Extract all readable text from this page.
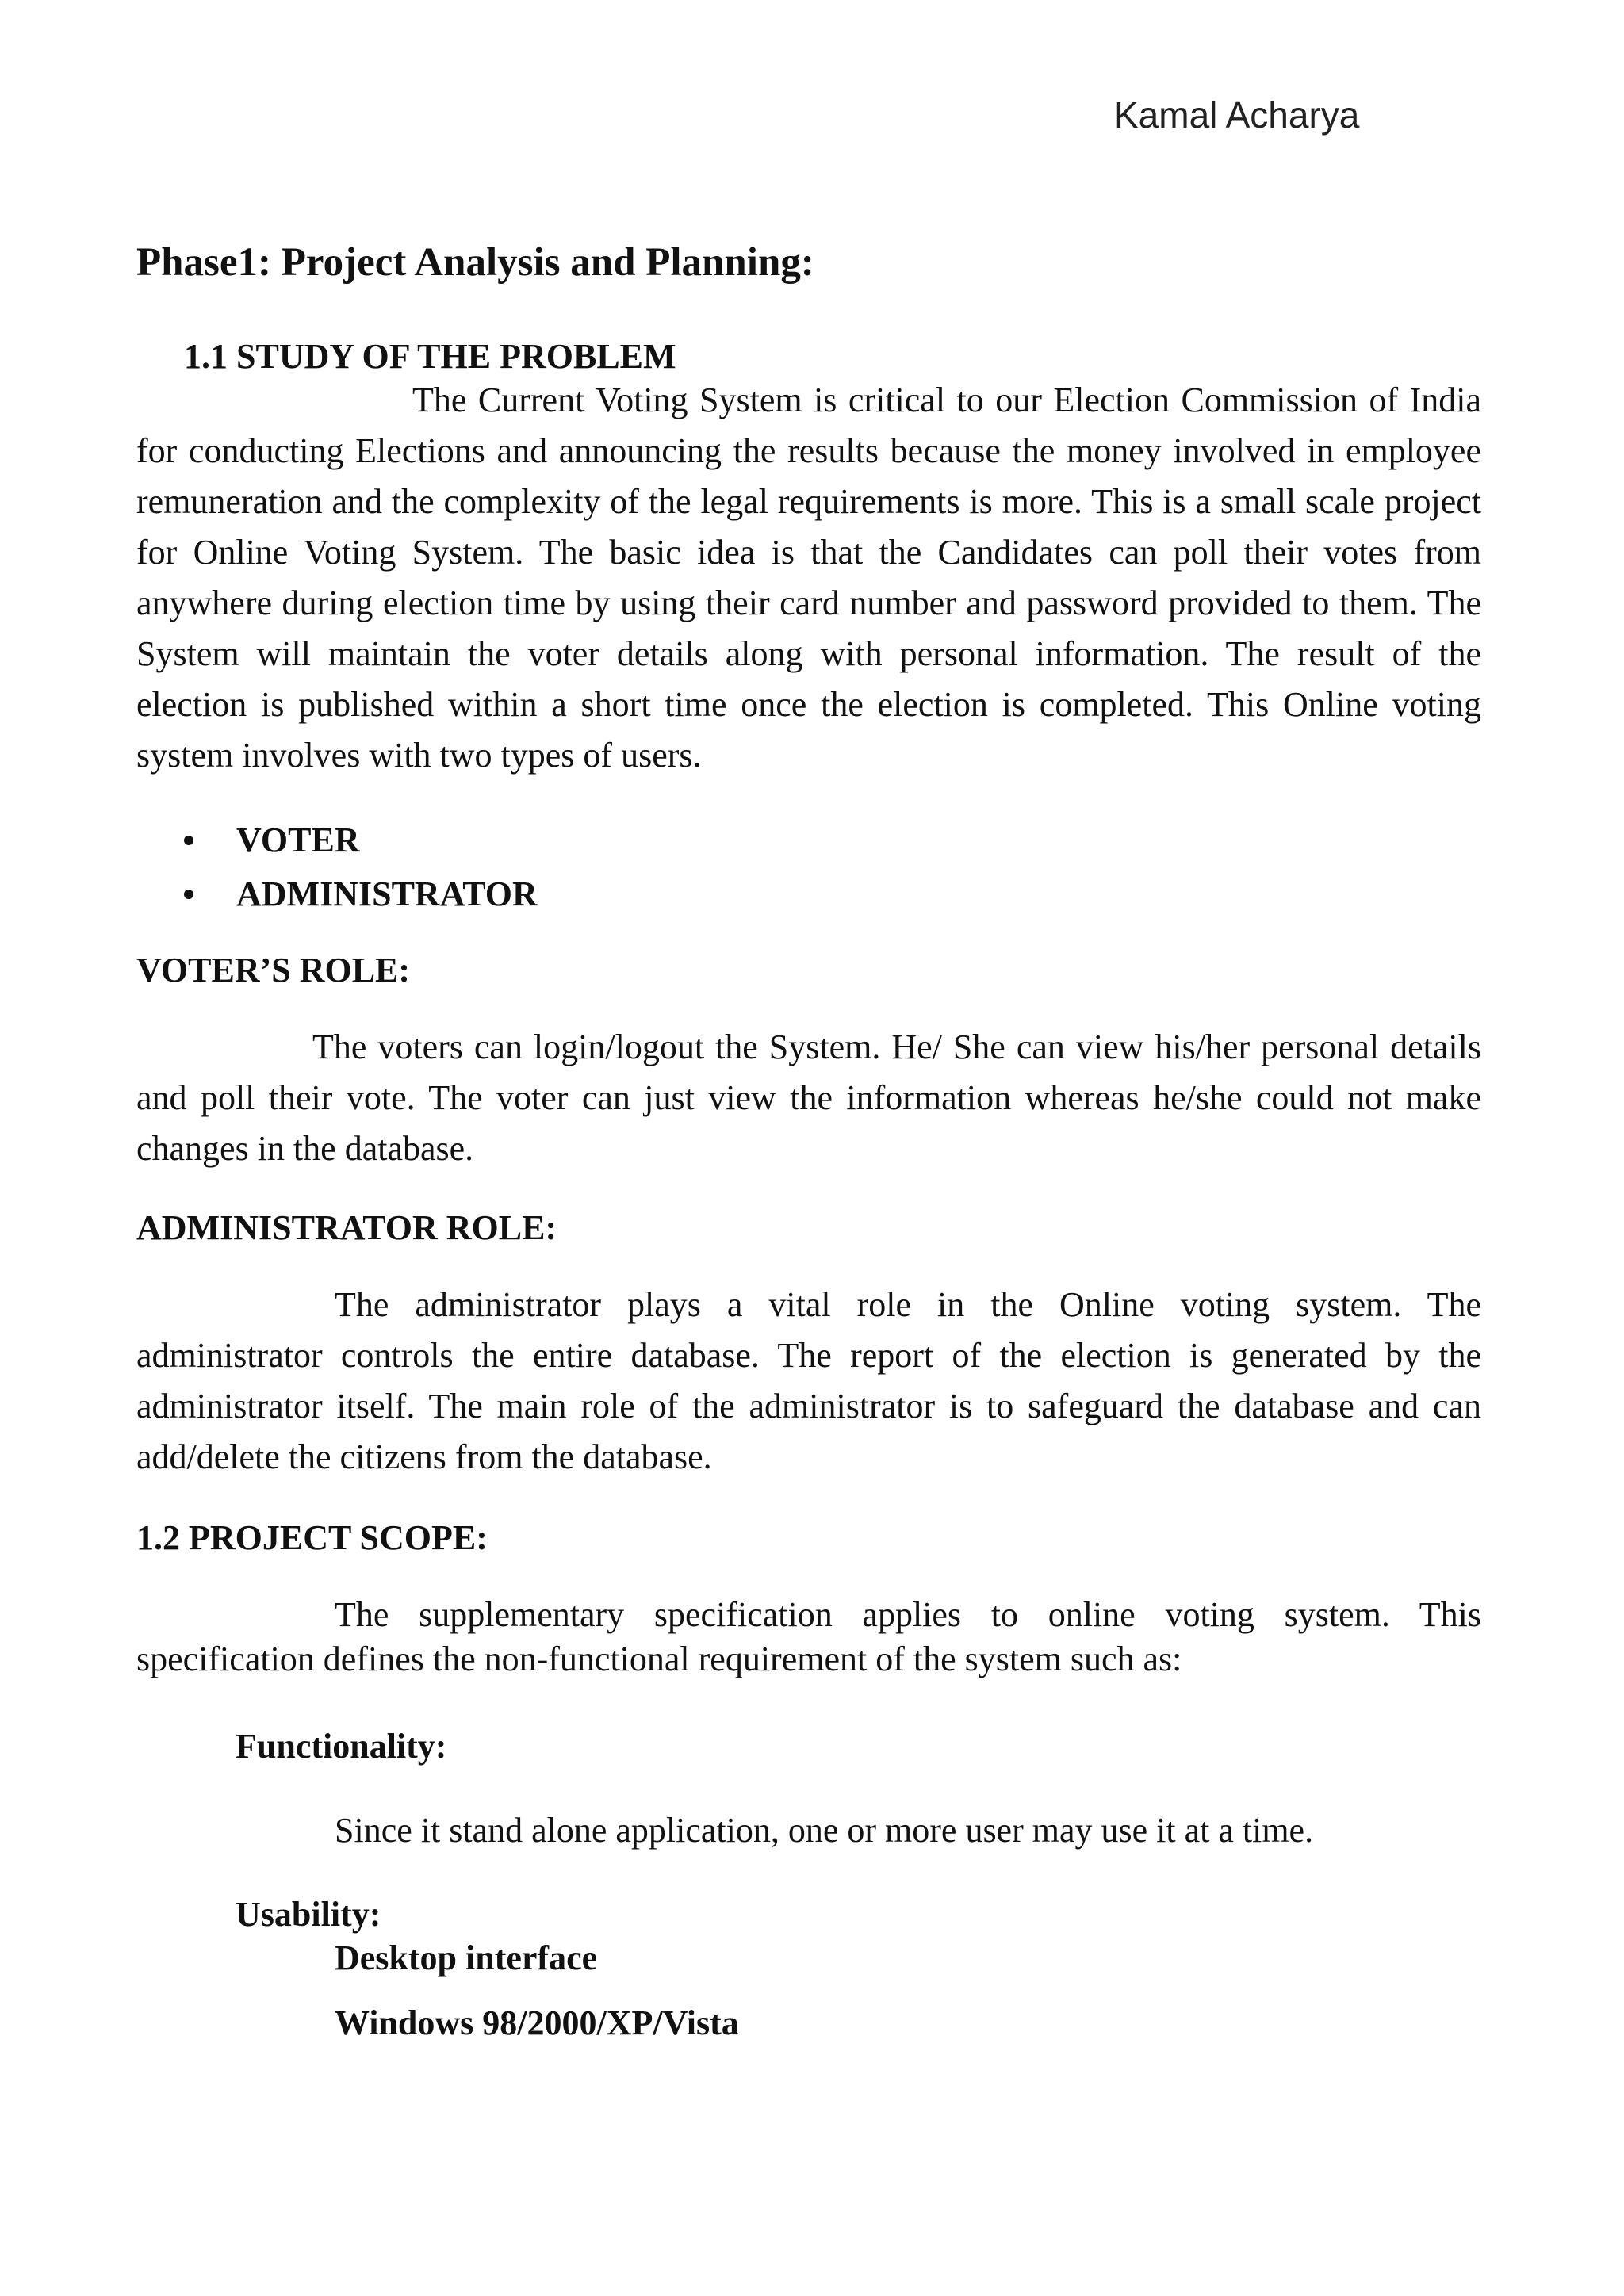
Kamal Acharya
Phase1: Project Analysis and Planning:
1.1 STUDY OF THE PROBLEM
The Current Voting System is critical to our Election Commission of India for conducting Elections and announcing the results because the money involved in employee remuneration and the complexity of the legal requirements is more. This is a small scale project for Online Voting System. The basic idea is that the Candidates can poll their votes from anywhere during election time by using their card number and password provided to them. The System will maintain the voter details along with personal information. The result of the election is published within a short time once the election is completed. This Online voting system involves with two types of users.
VOTER
ADMINISTRATOR
VOTER’S ROLE:
The voters can login/logout the System. He/ She can view his/her personal details and poll their vote. The voter can just view the information whereas he/she could not make changes in the database.
ADMINISTRATOR ROLE:
The administrator plays a vital role in the Online voting system. The administrator controls the entire database. The report of the election is generated by the administrator itself. The main role of the administrator is to safeguard the database and can add/delete the citizens from the database.
1.2 PROJECT SCOPE:
The supplementary specification applies to online voting system. This specification defines the non-functional requirement of the system such as:
Functionality:
Since it stand alone application, one or more user may use it at a time.
Usability:
Desktop interface
Windows 98/2000/XP/Vista
